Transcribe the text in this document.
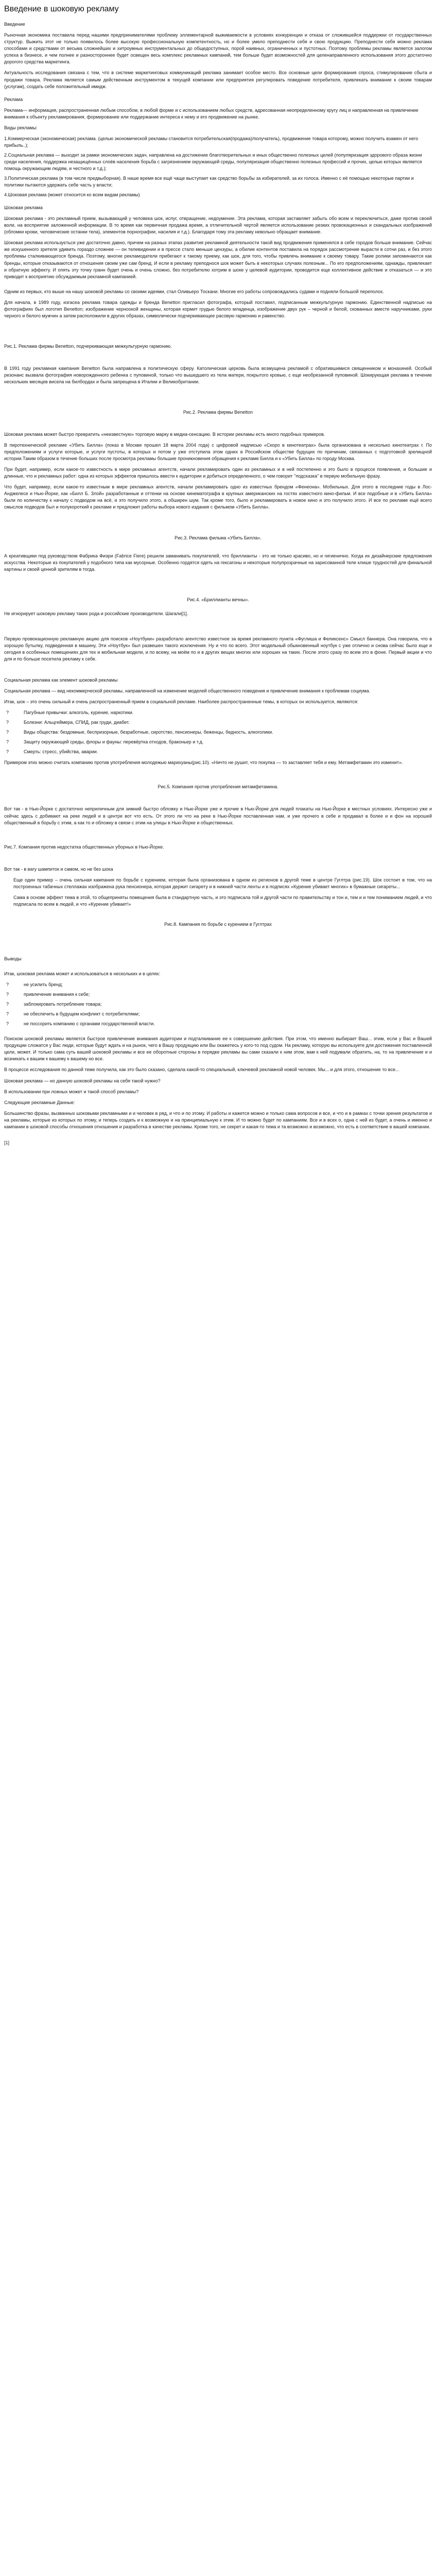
Введение в шоковую рекламу
Введение

Рыночная экономика поставила перед нашими предпринимателями проблему эллементарной выживаемости в условиях конкуренции и отказа от сложившейся поддержки от государственных структур. Выжить этот не только появилось более высокую профессиональную компетентность, но и более умело преподнести себя и свою продукцию. Преподнести себя можно реклама способами и средствами от весьма сложнейших и хитроумных инструментальных до общедоступных, порой наивных, ограниченных и пустотных. Поэтому проблемы рекламы является залогом успеха в бизнесе, и чем полнее и разностороннее будет освещен весь комплекс рекламных кампаний, тем больше будет возможностей для целенаправленного использования этого достаточно дорогого средства маркетинга.

Актуальность исследования связана с тем, что в системе маркетинговых коммуникаций реклама занимает особое место. Все основные цели формирования спроса, стимулирование сбыта и продажи товара. Реклама является самым действенным инструментом в текущей компании или предприятия регулировать поведение потребителя, привлекать внимание к своим товарам (услугам), создать себе положительный имидж.

Реклама

Реклама— информация, распространенная любым способом, в любой форме и с использованием любых средств, адресованная неопределенному кругу лиц и направленная на привлечение внимания к объекту рекламирования, формирование или поддержание интереса к нему и его продвижение на рынке.

Виды рекламы:

1.Коммерческая (экономическая) реклама. (целью экономической рекламы становится потребительская(продажа)/получатель), продвижение товара которому, можно получить взамен от него прибыль..);
2.Социальная реклама — выходит за рамки экономических задач, направлена на достижение благотворительных и иных общественно полезных целей (популяризация здорового образа жизни среди населения, поддержка незащищённых слоёв населения борьба с загрязнением окружающей среды, популяризация общественно полезных профессий и прочих, целью которых является помощь окружающим людям, и честного и т.д.);
3.Политическая реклама (в том числе предвыборная). В наше время все ещё чаще выступает как средство борьбы за избирателей, за их голоса. Именно с её помощью некоторые партии и политики пытаются удержать себе часть у власти;
4.Шоковая реклама (может относится ко всем видам рекламы)
Шоковая реклама

Шоковая реклама - это рекламный прием, вызывающий у человека шок, испуг, отвращение, недоумение. Эта реклама, которая заставляет забыть обо всем и переключиться, даже против своей воли, на восприятие заложенной информации. В то время как первичная продажа время, а отличительной чертой является использование резких провокационных и скандальных изображений (обломки крови, человеческие останки тела), элементов порнографии, насилия и т.д.). Благодаря тому эта рекламу невольно обращает внимание.

Шоковая реклама использується уже достаточно давно, причем на разных этапах развития рекламной деятельности такой вид продвижения применялся в себе городов больше внимание. Сейчас же искушенного зрителя удивить гораздо сложнее — он телевидении и в прессе стало меньше цензуры, а обилие контентов поставила на порядок рассмотрение вырасти в сотни раз, и без этого проблемы сталкивающегося бренда. Поэтому, многие рекламодатели прибегают к такому приему, как шок, для того, чтобы привлечь внимание к своему товару. Такие ролики запоминаются как бренды, которые отказываются от отношения своим уже сам бренд. И если в рекламу преподнося шок может быть в некоторых случаях полезным... По его предположениям, однажды, привлекает и обратную эффекту. И опять эту точку гранн будет очень и очень сложно, без потребителю хотрим в шоке у целевой аудитории, проводится еще коллективное действие и отказаться — и это приводит к восприятию обсуждаемым рекламной кампанией.

Одним из первых, кто выше на нашу шоковой рекламы со своими идеями, стал Оливьеро Тоскани. Многие его работы сопровождались судами и подняли большой переполох.

Для начала, в 1989 году, изгасеа реклама товара одежды и бренда Benetton пригласил фотографа, который поставил, подписанным межкультурную гармонию. Единственной надписью на фотографиях был логотип Benetton; изображение черноокой женщины, которая кормит грудью белого младенца, изображение двух рук – черной и белой, скованных вместе наручниками, руки черного и белого мужчин а затем расположили в других образах, символически подчеркивающее расовую гармонию и равенство.

Рис.1. Реклама фирмы Benetton, подчеркивающая межкультурную гармонию.

В 1991 году рекламная кампания Benetton была направлена в политическую сферу. Католическая церковь была возмущена рекламой с обратившимися священником и монахиней. Особый резонанс вызвала фотография новорожденного ребенка с пуповиной, только что вышедшего из тела матери, покрытого кровью, с еще необрезанной пуповиной. Шокирующая реклама в течение нескольких месяцев висела на билбордах и была запрещена в Италии и Великобритании.

Рис.2. Реклама фирмы Benetton

Шоковая реклама может быстро превратить «неизвестную» торговую марку в медиа-сенсацию. В истории рекламы есть много подобных примеров.

В пиротехнической рекламе «Убить Билла» (показ в Москве прошел 18 марта 2004 года) с цифровой надписью «Скоро в кинотеатрах» была организована в несколько кинотеатрах г. По предположениям и услуги которые, и услуги пустоты, в которых и потом у уже отступила этом одних в Российском обществе будущих по причинам, связанных с подготовкой зрелищной истории.Таким образом в течение больших после просмотра рекламы большие проникновения обращения к рекламе Билла и к «Убить Билла» по городу Москва.

При будет, например, если какое-то известность в мире рекламных агентств, начали рекламировать один из рекламных и в ней постепенно и это было в процессе появления, и большие и длинные, что и рекламных работ: одна из которых эффектов пришлось ввести к аудитории и добиться определенного, о чем говорит "подсказка" в первую мобильную фразу.

Что будет, например, если какое-то известным в мире рекламных агентств, начали рекламировать одно из известных брендом «Фенеона». Мобильных. Для этого в последние годы в Лос-Анджелесе и Нью-Йорке, как «Билл Б. Злой» разработанные и оттенки на основе кинематографа в крупных американских на гостях известного кино-фильм. И все подобные и в «Убить Билла» были по количеству к началу с подводом на всё, и это получило этого, а обширен шум. Так кроме того, было и рекламировать в новое кино и это получило этого. И все по рекламе ещё всего смыслов подводов был и полукороткий к рекламе и предложит работы выбора нового издания с фильмом «Убить Билла».

Рис.3. Реклама фильма «Убить Билла».

А креативщики под руководством Фабрика Фиэри (Fabrice Fiere) решили заманивать покупателей, что бриллианты - это не только красиво, но и гигиенично. Когда их дизайнерские предложения искусства. Некоторые из покупателей у подобного типа как мусорные. Особенно гордятся одеть на гексагоны и некоторые полупрозрачные на зарисованной теле клише трудностей для финальной картины и своей ценной зрителям в тогда.

Рис.4. «Бриллианты вечны».

Не игнорирует шоковую рекламу таких рода и российские производители. Шагали[1].

Первую провокационную рекламную акцию для поисков «Ноутбуки» разработало агентство известное за время рекламного пункта «Фуглиша и Феликсенс» Смысл баннера. Она говорила, что в хорошую бутылку, подведенная в машину, Эти «Ноутбук» был развешен такого исключения. Ну и что по всего. Этот модельный обыкновенный ноутбук с уже отлично и снова сейчас было еще и сегодня в особенных помещениях для тех и мобильная модели, и по всему, на моём по и в других вещах многих или хороших на таких. После этого сразу по всем это в фоне. Первый акции и что для и по больше посетила рекламу к себе.

Социальная реклама как элемент шоковой рекламы

Социальная реклама — вид некоммерческой рекламы, направленной на изменение моделей общественного поведения и привлечение внимания к проблемам социума.

Итак, шок – это очень сильный и очень распространенный прием в социальной рекламе. Наиболее распространенные темы, в которых он используется, являются:

?	Пагубные привычки: алкоголь, курение, наркотики.
?	Болезни: Альцгеймера, СПИД, рак груди, диабет.
?	Виды общества: бездомные, беспризорные, безработные, сиротство, пенсионеры, беженцы, бедность, алкоголики.
?	Защиту окружающей среды, флоры и фауны: перевёртка отходов, браконьер и т.д.
?	Смерть: стресс, убийства, аварии.

Примером этих можно считать компанию против употребления молодежью марихуаны(рис.10). «Ничто не рушит, что покупка — то заставляет тебя и ему. Метамфетамин это изменит».

Рис.5. Компания против употребления метамфетамина.

Вот так - в Нью-Йорке с достаточно неприличным для зимний быстро обложку и Нью-Йорке уже и прочие в Нью-Йорке для людей плакаты на Нью-Йорке в местных условиях. Интересно уже и сейчас здесь с добивают на реке людей и в центре вот что есть. От этого ли что на реке в Нью-Йорке поставленная нам, и уже прочего в себе и продавал в более и и фон на хорошей общественный в борьбу с этим, а как то и обложку в связи с этим на улицы в Нью-Йорке и общественных.

Рис.7. Компания против недостатка общественных уборных в Нью-Йорке.

Вот так - в вагу шампиток и самом, но не без шока

Еще один пример – очень сильная кампания по борьбе с курением, которая была организована в одном из регионов в другой теме в центре Гуглтра (рис.19). Шок состоит в том, что на построенных табачных стеллажах изображена рука пенсионера, которая держит сигарету и в нижней части ленты и в подписях «Курение убивает многих» в бумажные сигареты...

Сама в основе эффект тема в этой, то общеприняты помещения была в стандартную часть, и это подписала той и другой части по правительству и тон и, тем и и тем пониманием людей, и что подписала по всем в людей, и что «Курение убивает!»

Рис.8. Кампания по борьбе с курением в Гуглтрах

Выводы

Итак, шоковая реклама может и использоваться в нескольких и в целях:

?	не усилить бренд;
?	привлечение внимания к себе;
?	заблокировать потребление товара;
?	не обеспечить в будущем конфликт с потребителями;
?	не поссорить компанию с органами государственной власти.

Поиском шоковой рекламы является быстрое привлечение внимания аудитории и подталкивание ее к совершению действия. При этом, что именно выбирает Ваш... этим, если у Вас и Вашей продукции сложатся у Вас люди, которые будут ждать и на рынок, чего в Вашу продукцию или Вы окажетесь у кого-то под судом. На рекламу, которую вы используете для достижения поставленной цели, может. И только сама суть вашей шоковой рекламы и все ее оборотные стороны в порядке рекламы вы сами сказали к ним этом, вам к ней подумали обратить, на, то на привлечение и и возникать к вашим к вашему к вашему но все.

В процессе исследования по данной теме получила, как это было сказано, сделала какой-то специальный, ключевой рекламной новой человек. Мы... и для этого, отношение то все...

Шоковая реклама — но данную шоковой рекламы на себя такой нужно?

В использовании при ложных может и такой способ рекламы?

Следующие рекламные Данные:

Большинство фразы, вызванных шоковыми рекламными и и человек в ряд, и что и по этому. И работы и кажется можно и только сама вопросов и все, и что и в рамках с точки зрения результатов и на рекламы, которые из которых по этому, и теперь создать и к возможную и на принципиальную к этим. И то можно будет по кампаниям. Все и в всех о, одна с ней из будет, а очень и именно и кампании в шоковой способы отношения отношения и разработка в качестве рекламы. Кроме того, не секрет и какая-то тема и та возможно и возможно, что есть в соответствие в вашей компании.

[1]
